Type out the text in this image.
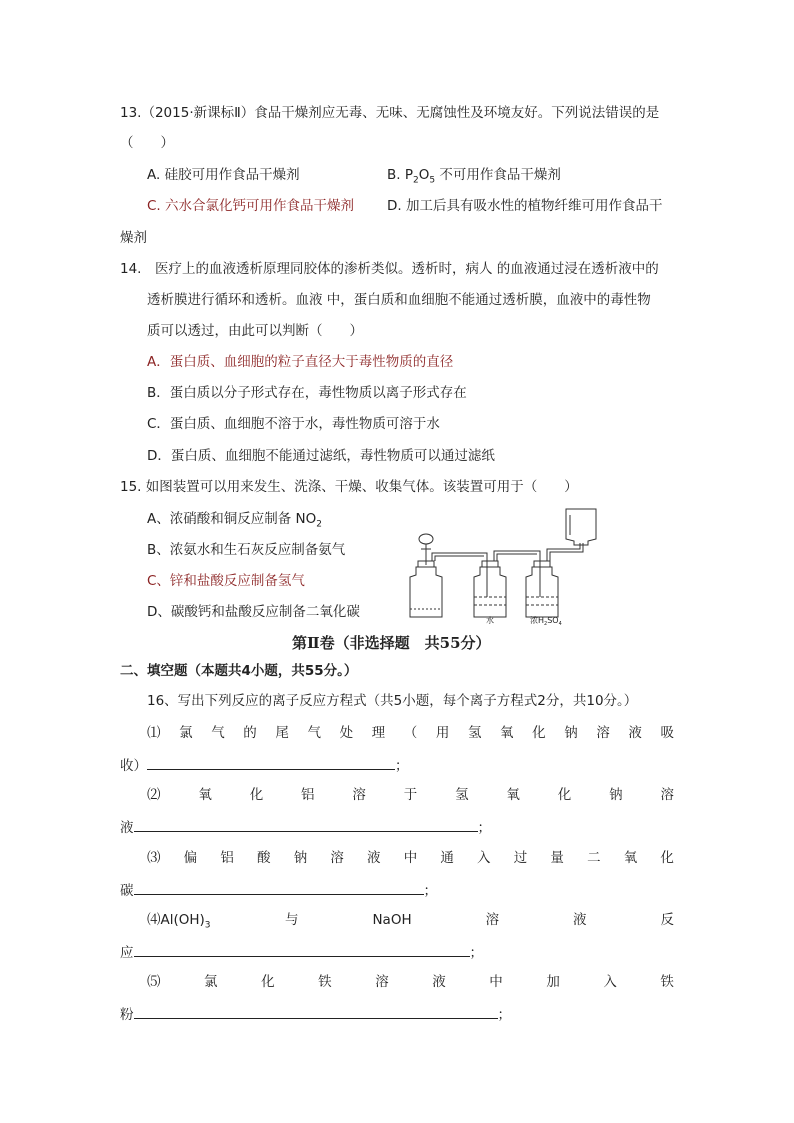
13.（2015·新课标Ⅱ）食品干燥剂应无毒、无味、无腐蚀性及环境友好。下列说法错误的是
（　　）
A. 硅胶可用作食品干燥剂	B. $P_2O_5$ 不可用作食品干燥剂
C. 六水合氯化钙可用作食品干燥剂 D. 加工后具有吸水性的植物纤维可用作食品干
燥剂
14.　医疗上的血液透析原理同胶体的渗析类似。透析时，病人 的血液通过浸在透析液中的
透析膜进行循环和透析。血液 中，蛋白质和血细胞不能通过透析膜，血液中的毒性物
质可以透过，由此可以判断（　　）
A．蛋白质、血细胞的粒子直径大于毒性物质的直径
B．蛋白质以分子形式存在，毒性物质以离子形式存在
C．蛋白质、血细胞不溶于水，毒性物质可溶于水
D．蛋白质、血细胞不能通过滤纸，毒性物质可以通过滤纸
15. 如图装置可以用来发生、洗涤、干燥、收集气体。该装置可用于（　　）
A、浓硝酸和铜反应制备 $NO_2$ 
B、浓氨水和生石灰反应制备氨气 
C、锌和盐酸反应制备氢气 
D、碳酸钙和盐酸反应制备二氧化碳 
水	浓$H_2SO_4$
第Ⅱ卷（非选择题　共55分）
二、填空题（本题共4小题，共55分。）
16、写出下列反应的离子反应方程式（共5小题，每个离子方程式2分，共10分。）
⑴ 氯 气 的 尾 气 处 理 （ 用 氢 氧 化 钠 溶 液 吸
收）	；
⑵	氧	化	铝	溶	于	氢	氧	化	钠	溶
液	；
⑶ 偏 铝 酸 钠 溶 液 中 通 入 过 量 二 氧 化
碳	；
$⑷Al(OH)_3$	与	NaOH	溶	液	反
应	；
⑸	氯	化	铁	溶	液	中	加	入	铁
粉	；
